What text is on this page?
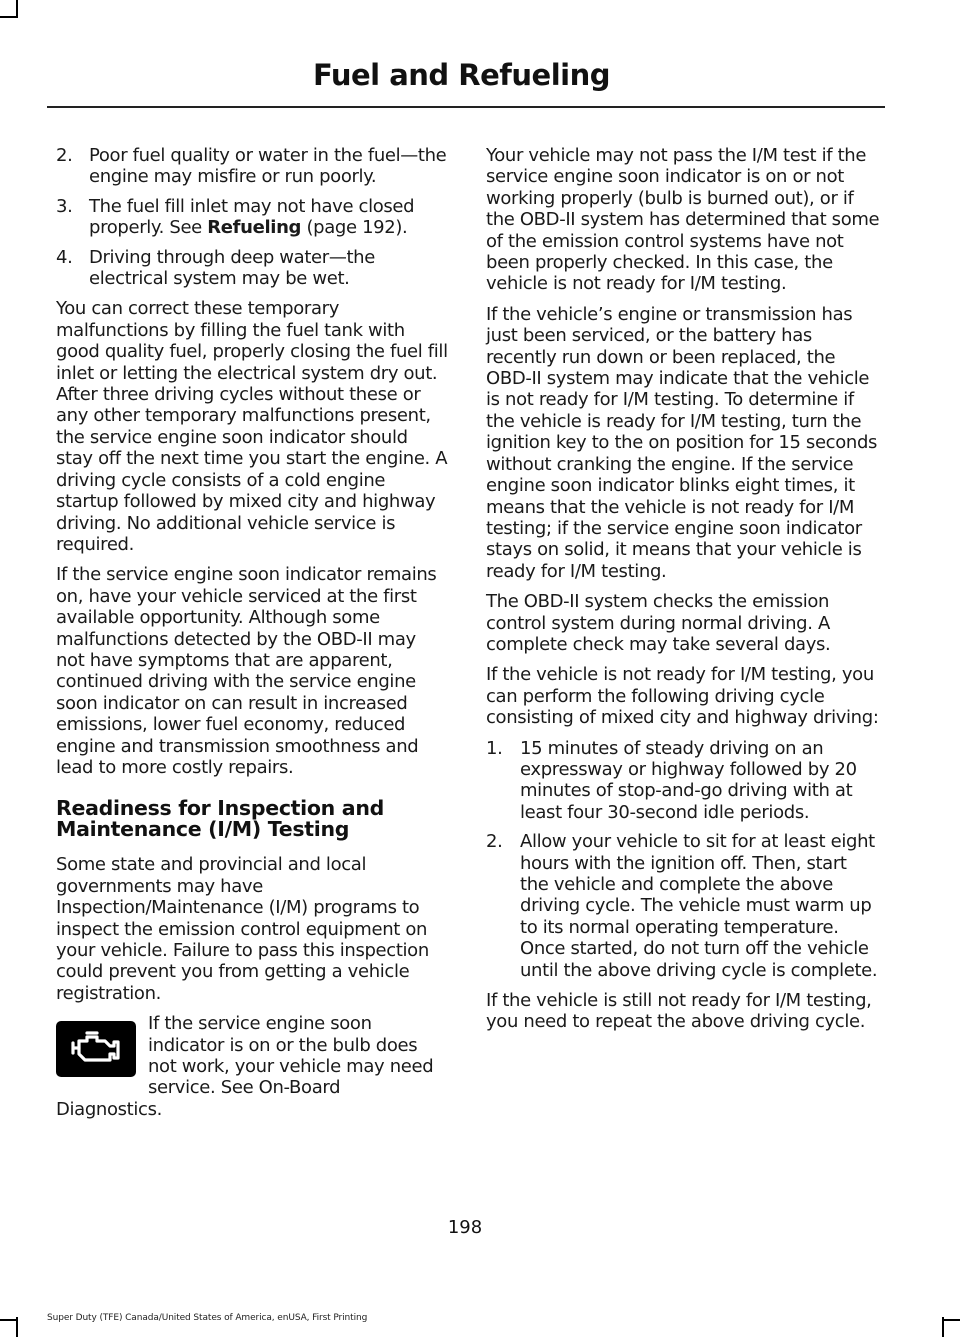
Fuel and Refueling
2. Poor fuel quality or water in the fuel—the engine may misfire or run poorly.
3. The fuel fill inlet may not have closed properly. See Refueling (page 192).
4. Driving through deep water—the electrical system may be wet.

You can correct these temporary malfunctions by filling the fuel tank with good quality fuel, properly closing the fuel fill inlet or letting the electrical system dry out. After three driving cycles without these or any other temporary malfunctions present, the service engine soon indicator should stay off the next time you start the engine. A driving cycle consists of a cold engine startup followed by mixed city and highway driving. No additional vehicle service is required.

If the service engine soon indicator remains on, have your vehicle serviced at the first available opportunity. Although some malfunctions detected by the OBD-II may not have symptoms that are apparent, continued driving with the service engine soon indicator on can result in increased emissions, lower fuel economy, reduced engine and transmission smoothness and lead to more costly repairs.

Readiness for Inspection and Maintenance (I/M) Testing

Some state and provincial and local governments may have Inspection/Maintenance (I/M) programs to inspect the emission control equipment on your vehicle. Failure to pass this inspection could prevent you from getting a vehicle registration.

If the service engine soon indicator is on or the bulb does not work, your vehicle may need service. See On-Board Diagnostics.

Your vehicle may not pass the I/M test if the service engine soon indicator is on or not working properly (bulb is burned out), or if the OBD-II system has determined that some of the emission control systems have not been properly checked. In this case, the vehicle is not ready for I/M testing.

If the vehicle’s engine or transmission has just been serviced, or the battery has recently run down or been replaced, the OBD-II system may indicate that the vehicle is not ready for I/M testing. To determine if the vehicle is ready for I/M testing, turn the ignition key to the on position for 15 seconds without cranking the engine. If the service engine soon indicator blinks eight times, it means that the vehicle is not ready for I/M testing; if the service engine soon indicator stays on solid, it means that your vehicle is ready for I/M testing.

The OBD-II system checks the emission control system during normal driving. A complete check may take several days.

If the vehicle is not ready for I/M testing, you can perform the following driving cycle consisting of mixed city and highway driving:

1. 15 minutes of steady driving on an expressway or highway followed by 20 minutes of stop-and-go driving with at least four 30-second idle periods.
2. Allow your vehicle to sit for at least eight hours with the ignition off. Then, start the vehicle and complete the above driving cycle. The vehicle must warm up to its normal operating temperature. Once started, do not turn off the vehicle until the above driving cycle is complete.

If the vehicle is still not ready for I/M testing, you need to repeat the above driving cycle.

198
Super Duty (TFE) Canada/United States of America, enUSA, First Printing
